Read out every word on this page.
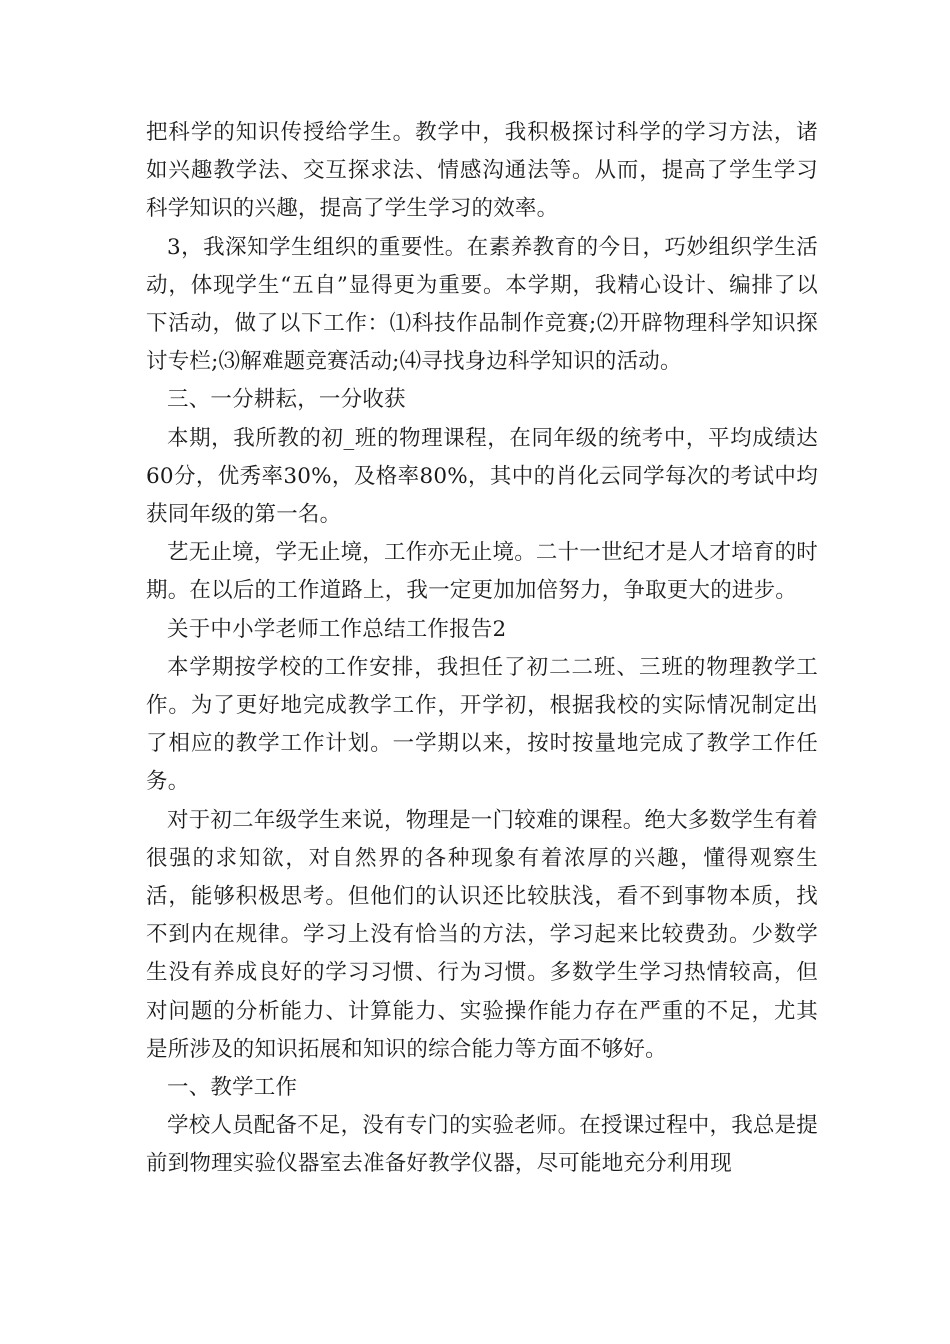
把科学的知识传授给学生。教学中，我积极探讨科学的学习方法，诸如兴趣教学法、交互探求法、情感沟通法等。从而，提高了学生学习科学知识的兴趣，提高了学生学习的效率。

3，我深知学生组织的重要性。在素养教育的今日，巧妙组织学生活动，体现学生“五自”显得更为重要。本学期，我精心设计、编排了以下活动，做了以下工作：⑴科技作品制作竞赛;⑵开辟物理科学知识探讨专栏;⑶解难题竞赛活动;⑷寻找身边科学知识的活动。

三、一分耕耘，一分收获

本期，我所教的初_班的物理课程，在同年级的统考中，平均成绩达60分，优秀率30%，及格率80%，其中的肖化云同学每次的考试中均获同年级的第一名。

艺无止境，学无止境，工作亦无止境。二十一世纪才是人才培育的时期。在以后的工作道路上，我一定更加加倍努力，争取更大的进步。

关于中小学老师工作总结工作报告2

本学期按学校的工作安排，我担任了初二二班、三班的物理教学工作。为了更好地完成教学工作，开学初，根据我校的实际情况制定出了相应的教学工作计划。一学期以来，按时按量地完成了教学工作任务。

对于初二年级学生来说，物理是一门较难的课程。绝大多数学生有着很强的求知欲，对自然界的各种现象有着浓厚的兴趣，懂得观察生活，能够积极思考。但他们的认识还比较肤浅，看不到事物本质，找不到内在规律。学习上没有恰当的方法，学习起来比较费劲。少数学生没有养成良好的学习习惯、行为习惯。多数学生学习热情较高，但对问题的分析能力、计算能力、实验操作能力存在严重的不足，尤其是所涉及的知识拓展和知识的综合能力等方面不够好。

一、教学工作

学校人员配备不足，没有专门的实验老师。在授课过程中，我总是提前到物理实验仪器室去准备好教学仪器，尽可能地充分利用现
